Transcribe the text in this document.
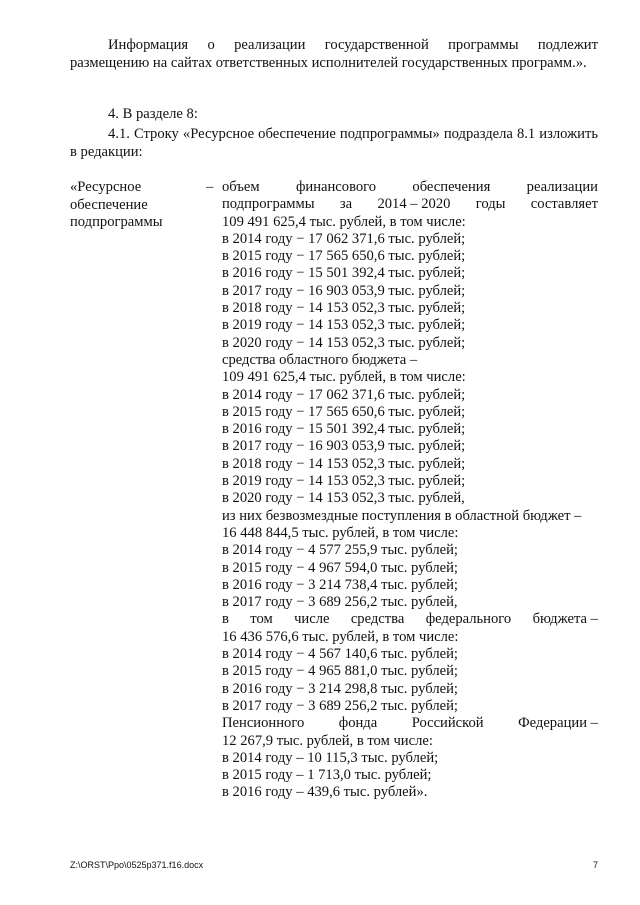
Информация о реализации государственной программы подлежит размещению на сайтах ответственных исполнителей государственных программ.».
4. В разделе 8:
4.1. Строку «Ресурсное обеспечение подпрограммы» подраздела 8.1 изложить в редакции:
«Ресурсное
обеспечение
подпрограммы
– объем финансового обеспечения реализации
подпрограммы за 2014 – 2020 годы составляет
109 491 625,4 тыс. рублей, в том числе:
в 2014 году − 17 062 371,6 тыс. рублей;
в 2015 году − 17 565 650,6 тыс. рублей;
в 2016 году − 15 501 392,4 тыс. рублей;
в 2017 году − 16 903 053,9 тыс. рублей;
в 2018 году − 14 153 052,3 тыс. рублей;
в 2019 году − 14 153 052,3 тыс. рублей;
в 2020 году − 14 153 052,3 тыс. рублей;
средства областного бюджета –
109 491 625,4 тыс. рублей, в том числе:
в 2014 году − 17 062 371,6 тыс. рублей;
в 2015 году − 17 565 650,6 тыс. рублей;
в 2016 году − 15 501 392,4 тыс. рублей;
в 2017 году − 16 903 053,9 тыс. рублей;
в 2018 году − 14 153 052,3 тыс. рублей;
в 2019 году − 14 153 052,3 тыс. рублей;
в 2020 году − 14 153 052,3 тыс. рублей,
из них безвозмездные поступления в областной бюджет –
16 448 844,5 тыс. рублей, в том числе:
в 2014 году − 4 577 255,9 тыс. рублей;
в 2015 году − 4 967 594,0 тыс. рублей;
в 2016 году − 3 214 738,4 тыс. рублей;
в 2017 году − 3 689 256,2 тыс. рублей,
в том числе средства федерального бюджета –
16 436 576,6 тыс. рублей, в том числе:
в 2014 году − 4 567 140,6 тыс. рублей;
в 2015 году − 4 965 881,0 тыс. рублей;
в 2016 году − 3 214 298,8 тыс. рублей;
в 2017 году − 3 689 256,2 тыс. рублей;
Пенсионного фонда Российской Федерации –
12 267,9 тыс. рублей, в том числе:
в 2014 году – 10 115,3 тыс. рублей;
в 2015 году – 1 713,0 тыс. рублей;
в 2016 году – 439,6 тыс. рублей».
Z:\ORST\Ppo\0525p371.f16.docx	7
